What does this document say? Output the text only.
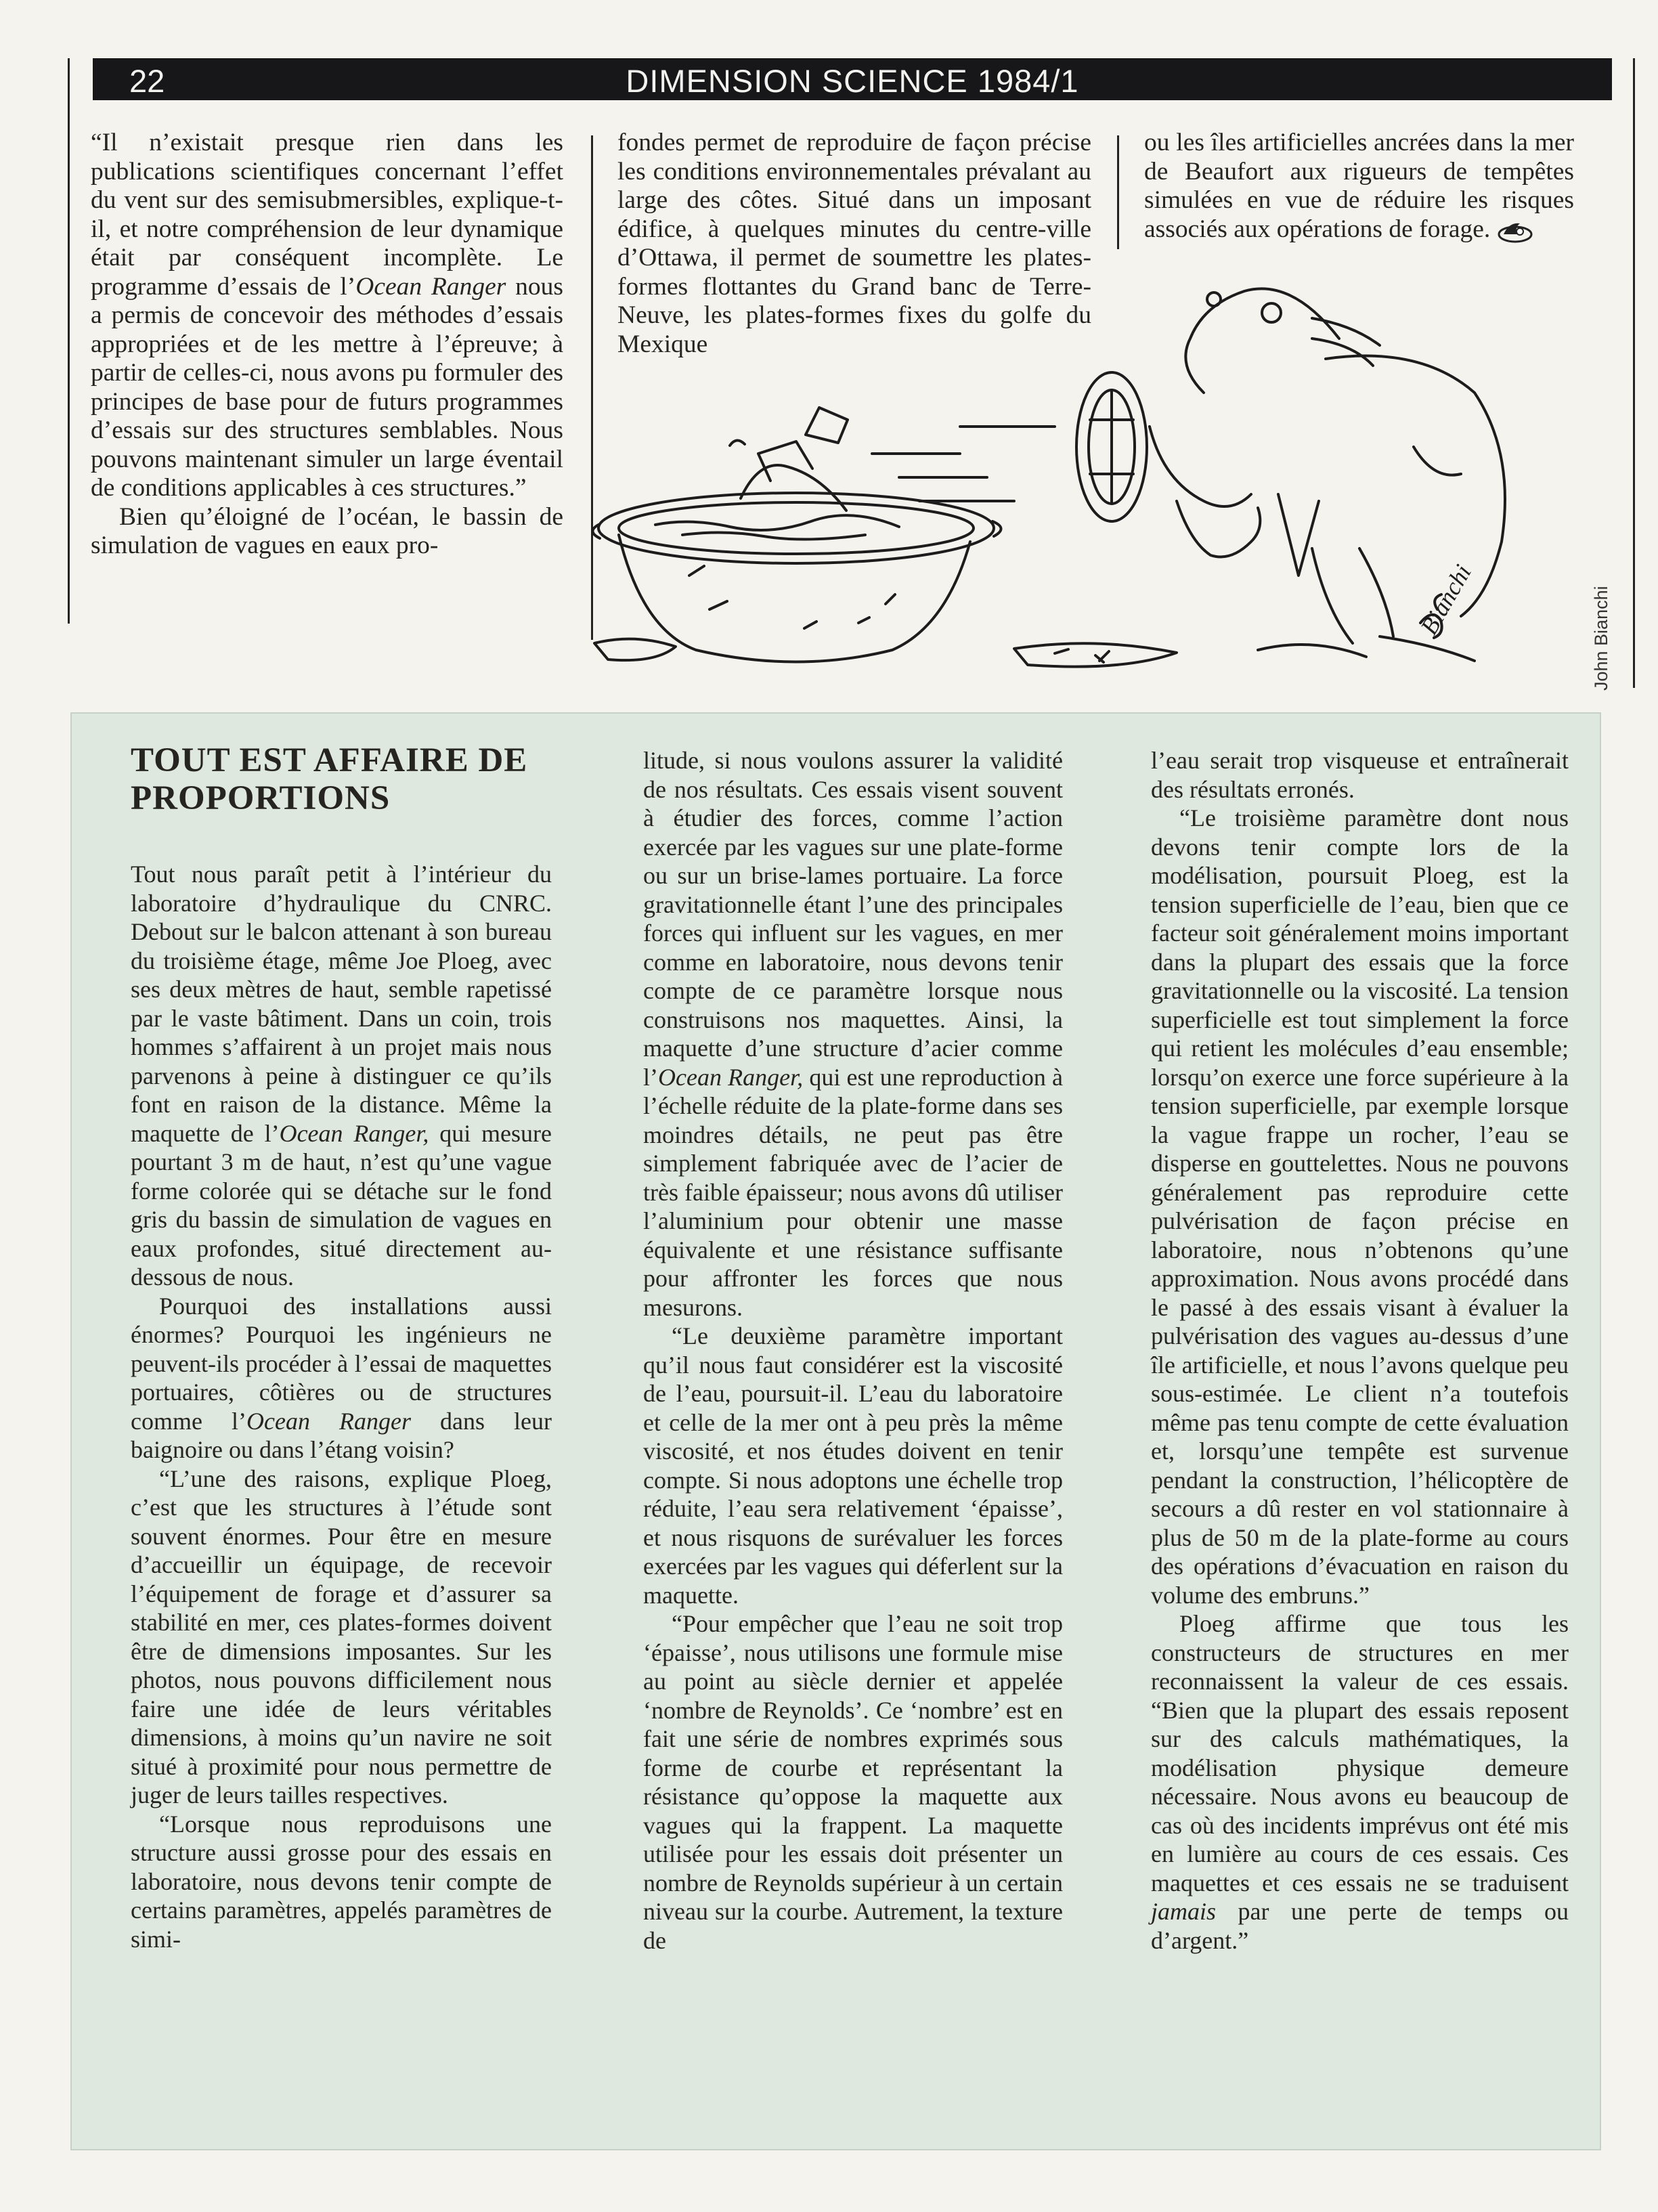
22	DIMENSION SCIENCE 1984/1

“Il n’existait presque rien dans les publications scientifiques concernant l’effet du vent sur des semisubmersibles, explique-t-il, et notre compréhension de leur dynamique était par conséquent incomplète. Le programme d’essais de l’Ocean Ranger nous a permis de concevoir des méthodes d’essais appropriées et de les mettre à l’épreuve; à partir de celles-ci, nous avons pu formuler des principes de base pour de futurs programmes d’essais sur des structures semblables. Nous pouvons maintenant simuler un large éventail de conditions applicables à ces structures.”

Bien qu’éloigné de l’océan, le bassin de simulation de vagues en eaux pro-

fondes permet de reproduire de façon précise les conditions environnementales prévalant au large des côtes. Situé dans un imposant édifice, à quelques minutes du centre-ville d’Ottawa, il permet de soumettre les plates-formes flottantes du Grand banc de Terre-Neuve, les plates-formes fixes du golfe du Mexique

ou les îles artificielles ancrées dans la mer de Beaufort aux rigueurs de tempêtes simulées en vue de réduire les risques associés aux opérations de forage.

Bianchi	John Bianchi
TOUT EST AFFAIRE DE PROPORTIONS

Tout nous paraît petit à l’intérieur du laboratoire d’hydraulique du CNRC. Debout sur le balcon attenant à son bureau du troisième étage, même Joe Ploeg, avec ses deux mètres de haut, semble rapetissé par le vaste bâtiment. Dans un coin, trois hommes s’affairent à un projet mais nous parvenons à peine à distinguer ce qu’ils font en raison de la distance. Même la maquette de l’Ocean Ranger, qui mesure pourtant 3 m de haut, n’est qu’une vague forme colorée qui se détache sur le fond gris du bassin de simulation de vagues en eaux profondes, situé directement au-dessous de nous.

Pourquoi des installations aussi énormes? Pourquoi les ingénieurs ne peuvent-ils procéder à l’essai de maquettes portuaires, côtières ou de structures comme l’Ocean Ranger dans leur baignoire ou dans l’étang voisin?

“L’une des raisons, explique Ploeg, c’est que les structures à l’étude sont souvent énormes. Pour être en mesure d’accueillir un équipage, de recevoir l’équipement de forage et d’assurer sa stabilité en mer, ces plates-formes doivent être de dimensions imposantes. Sur les photos, nous pouvons difficilement nous faire une idée de leurs véritables dimensions, à moins qu’un navire ne soit situé à proximité pour nous permettre de juger de leurs tailles respectives.

“Lorsque nous reproduisons une structure aussi grosse pour des essais en laboratoire, nous devons tenir compte de certains paramètres, appelés paramètres de simi-

litude, si nous voulons assurer la validité de nos résultats. Ces essais visent souvent à étudier des forces, comme l’action exercée par les vagues sur une plate-forme ou sur un brise-lames portuaire. La force gravitationnelle étant l’une des principales forces qui influent sur les vagues, en mer comme en laboratoire, nous devons tenir compte de ce paramètre lorsque nous construisons nos maquettes. Ainsi, la maquette d’une structure d’acier comme l’Ocean Ranger, qui est une reproduction à l’échelle réduite de la plate-forme dans ses moindres détails, ne peut pas être simplement fabriquée avec de l’acier de très faible épaisseur; nous avons dû utiliser l’aluminium pour obtenir une masse équivalente et une résistance suffisante pour affronter les forces que nous mesurons.

“Le deuxième paramètre important qu’il nous faut considérer est la viscosité de l’eau, poursuit-il. L’eau du laboratoire et celle de la mer ont à peu près la même viscosité, et nos études doivent en tenir compte. Si nous adoptons une échelle trop réduite, l’eau sera relativement ‘épaisse’, et nous risquons de surévaluer les forces exercées par les vagues qui déferlent sur la maquette.

“Pour empêcher que l’eau ne soit trop ‘épaisse’, nous utilisons une formule mise au point au siècle dernier et appelée ‘nombre de Reynolds’. Ce ‘nombre’ est en fait une série de nombres exprimés sous forme de courbe et représentant la résistance qu’oppose la maquette aux vagues qui la frappent. La maquette utilisée pour les essais doit présenter un nombre de Reynolds supérieur à un certain niveau sur la courbe. Autrement, la texture de

l’eau serait trop visqueuse et entraînerait des résultats erronés.

“Le troisième paramètre dont nous devons tenir compte lors de la modélisation, poursuit Ploeg, est la tension superficielle de l’eau, bien que ce facteur soit généralement moins important dans la plupart des essais que la force gravitationnelle ou la viscosité. La tension superficielle est tout simplement la force qui retient les molécules d’eau ensemble; lorsqu’on exerce une force supérieure à la tension superficielle, par exemple lorsque la vague frappe un rocher, l’eau se disperse en gouttelettes. Nous ne pouvons généralement pas reproduire cette pulvérisation de façon précise en laboratoire, nous n’obtenons qu’une approximation. Nous avons procédé dans le passé à des essais visant à évaluer la pulvérisation des vagues au-dessus d’une île artificielle, et nous l’avons quelque peu sous-estimée. Le client n’a toutefois même pas tenu compte de cette évaluation et, lorsqu’une tempête est survenue pendant la construction, l’hélicoptère de secours a dû rester en vol stationnaire à plus de 50 m de la plate-forme au cours des opérations d’évacuation en raison du volume des embruns.”

Ploeg affirme que tous les constructeurs de structures en mer reconnaissent la valeur de ces essais. “Bien que la plupart des essais reposent sur des calculs mathématiques, la modélisation physique demeure nécessaire. Nous avons eu beaucoup de cas où des incidents imprévus ont été mis en lumière au cours de ces essais. Ces maquettes et ces essais ne se traduisent jamais par une perte de temps ou d’argent.”
